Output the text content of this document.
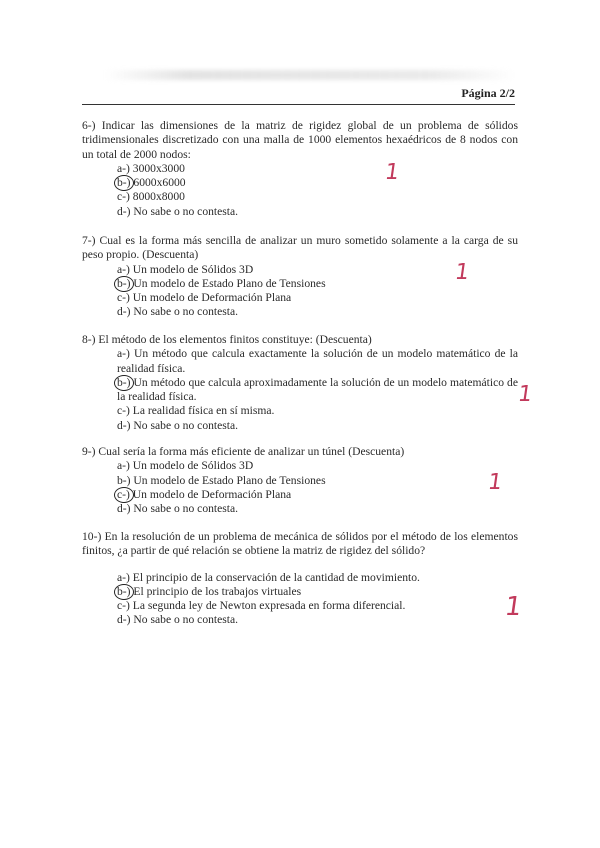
Página 2/2
6-) Indicar las dimensiones de la matriz de rigidez global de un problema de sólidos tridimensionales discretizado con una malla de 1000 elementos hexaédricos de 8 nodos con un total de 2000 nodos:
a-) 3000x3000
b-) 6000x6000
c-) 8000x8000
d-) No sabe o no contesta.
1
7-) Cual es la forma más sencilla de analizar un muro sometido solamente a la carga de su peso propio. (Descuenta)
a-) Un modelo de Sólidos 3D
b-) Un modelo de Estado Plano de Tensiones
c-) Un modelo de Deformación Plana
d-) No sabe o no contesta.
1
8-) El método de los elementos finitos constituye: (Descuenta)
a-) Un método que calcula exactamente la solución de un modelo matemático de la realidad física.
b-) Un método que calcula aproximadamente la solución de un modelo matemático de la realidad física.
c-) La realidad física en sí misma.
d-) No sabe o no contesta.
1
9-) Cual sería la forma más eficiente de analizar un túnel (Descuenta)
a-) Un modelo de Sólidos 3D
b-) Un modelo de Estado Plano de Tensiones
c-) Un modelo de Deformación Plana
d-) No sabe o no contesta.
1
10-) En la resolución de un problema de mecánica de sólidos por el método de los elementos finitos, ¿a partir de qué relación se obtiene la matriz de rigidez del sólido?
a-) El principio de la conservación de la cantidad de movimiento.
b-) El principio de los trabajos virtuales
c-) La segunda ley de Newton expresada en forma diferencial.
d-) No sabe o no contesta.	1
